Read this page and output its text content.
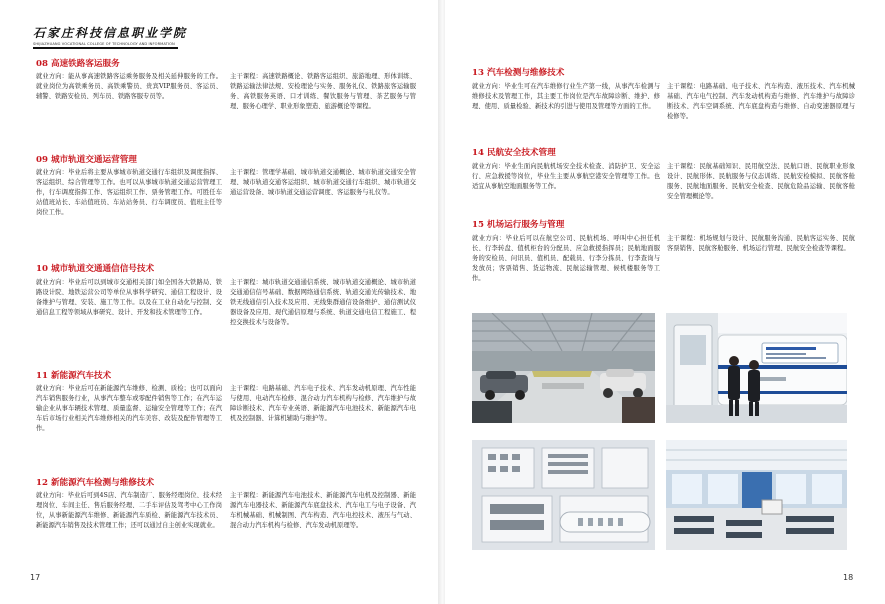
石家庄科技信息职业学院
SHIJIAZHUANG VOCATIONAL COLLEGE OF TECHNOLOGY AND INFORMATION
08 高速铁路客运服务

就业方向：能从事高速铁路客运乘务服务及相关延伸服务的工作。就业岗位为高铁乘务员、高铁乘警员、贵宾VIP服务员、客运员、辅警、铁路安检员、列车员、铁路客服专员等。

主干课程：高速铁路概论、铁路客运组织、旅游地理、形体训练、铁路运输法律法规、安检理论与实务、服务礼仪、铁路旅客运输服务、高铁服务英语、口才训练、餐饮服务与管理、茶艺服务与管理、服务心理学、职业形象塑造、旅游概论等课程。

09 城市轨道交通运营管理

就业方向：毕业后将主要从事城市轨道交通行车组织及调度指挥、客运组织、综合管理等工作。也可以从事城市轨道交通运营管理工作，行车调度指挥工作、客运组织工作、票务管理工作。可胜任车站值班站长、车站值班员、车站站务员、行车调度员、值班主任等岗位工作。

主干课程：管理学基础、城市轨道交通概论、城市轨道交通安全管理、城市轨道交通客运组织、城市轨道交通行车组织、城市轨道交通运营设备、城市轨道交通运营调度、客运服务与礼仪等。

10 城市轨道交通通信信号技术

就业方向：毕业后可以到城市交通相关部门如全国各大铁路局、铁路设计院、地铁运营公司等单位从事科学研究、通信工程设计、设备维护与管理、安装、施工等工作。以及在工业自动化与控制、交通信息工程等领域从事研究、设计、开发和技术管理等工作。

主干课程：城市轨道交通通信系统、城市轨道交通概论、城市轨道交通通信信号基础、数据网络通信系统、轨道交通光传输技术、地铁无线通信引入技术及应用、无线集群通信设备维护、通信测试仪器设备及应用、现代通信原理与系统、轨道交通电信工程施工、程控交换技术与设备等。

11 新能源汽车技术

就业方向：毕业后可在新能源汽车维修、检测、质检；也可以面向汽车销售服务行业，从事汽车整车或零配件销售等工作；在汽车运输企业从事车辆技术管理、质量监督、运输安全管理等工作；在汽车后市场行业相关汽车维修相关的汽车美容、改装及配件管理等工作。

主干课程：电路基础、汽车电子技术、汽车发动机原理、汽车性能与使用、电动汽车检修、混合动力汽车机构与检修、汽车维护与故障诊断技术、汽车专业英语、新能源汽车电池技术、新能源汽车电机及控制器、计算机辅助与维护等。

12 新能源汽车检测与维修技术

就业方向：毕业后可到4S店、汽车制造厂、服务经理岗位、技术经理岗位、车间主任、售后服务经理、二手车评估及驾考中心工作岗位，从事新能源汽车维修、新能源汽车质检、新能源汽车技术员、新能源汽车销售及技术管理工作；还可以通过自主创业实现就业。

主干课程：新能源汽车电池技术、新能源汽车电机及控制器、新能源汽车电器技术、新能源汽车底盘技术、汽车电工与电子设备、汽车机械基础、机械制图、汽车构造、汽车电控技术、液压与气动、混合动力汽车机构与检修、汽车发动机原理等。

17
13 汽车检测与维修技术

就业方向：毕业生可在汽车维修行业生产第一线，从事汽车检测与维修技术及管理工作，其主要工作岗位是汽车故障诊断、维护、修理、使用、质量检验、新技术的引进与使用及管理等方面的工作。

主干课程：电路基础、电子技术、汽车构造、液压技术、汽车机械基础、汽车电气控制、汽车发动机构造与维修、汽车维护与故障诊断技术、汽车空调系统、汽车底盘构造与维修、自动变速器原理与检修等。

14 民航安全技术管理

就业方向：毕业生面向民航机场安全技术检查、消防护卫、安全运行、应急救援等岗位，毕业生主要从事航空港安全管理等工作。也适宜从事航空地面服务等工作。

主干课程：民航基础知识、民用航空法、民航口语、民航职业形象设计、民航形体、民航服务与仪态训练、民航安检模拟、民航客舱服务、民航地面服务、民航安全检查、民航危险品运输、民航客舱安全管理概论等。

15 机场运行服务与管理

就业方向：毕业后可以在航空公司、民航机场、呼叫中心担任机长、行李转盘、值机柜台的分配员、应急救援指挥员；民航地面服务的安检员、问讯员、值机员、配载员、行李分拣员、行李查询与发放员；客票销售、货运物流、民航运输管理、候机楼服务等工作。

主干课程：机场规划与设计、民航服务沟通、民航客运实务、民航客票销售、民航客舱服务、机场运行管理、民航安全检查等课程。

18
